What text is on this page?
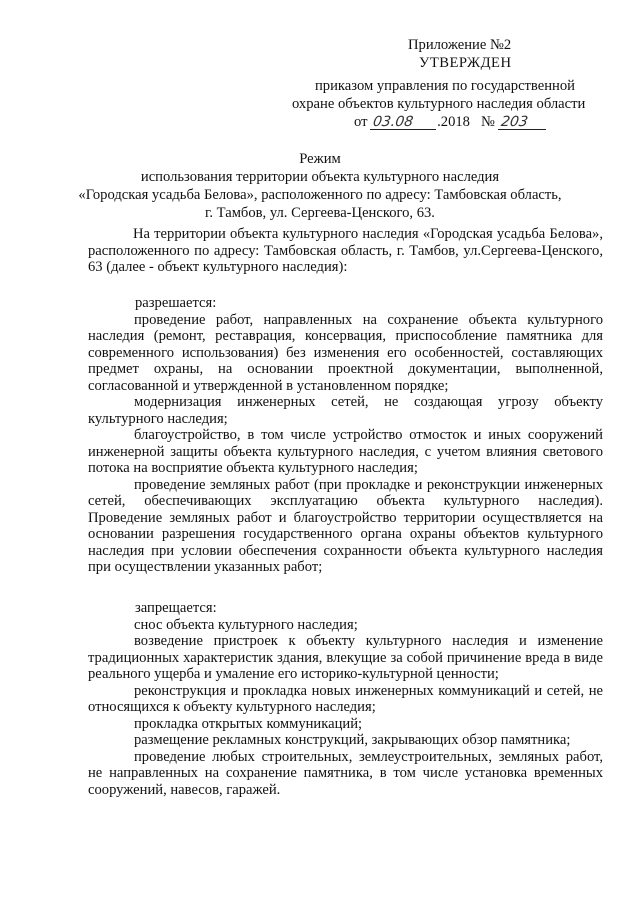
Приложение №2
УТВЕРЖДЕН
приказом управления по государственной
охране объектов культурного наследия области
от 03.08 .2018 № 203
Режим
использования территории объекта культурного наследия
«Городская усадьба Белова», расположенного по адресу: Тамбовская область,
г. Тамбов, ул. Сергеева-Ценского, 63.

На территории объекта культурного наследия «Городская усадьба Белова», расположенного по адресу: Тамбовская область, г. Тамбов, ул.Сергеева-Ценского, 63 (далее - объект культурного наследия):

разрешается:

проведение работ, направленных на сохранение объекта культурного наследия (ремонт, реставрация, консервация, приспособление памятника для современного использования) без изменения его особенностей, составляющих предмет охраны, на основании проектной документации, выполненной, согласованной и утвержденной в установленном порядке;

модернизация инженерных сетей, не создающая угрозу объекту культурного наследия;

благоустройство, в том числе устройство отмосток и иных сооружений инженерной защиты объекта культурного наследия, с учетом влияния светового потока на восприятие объекта культурного наследия;

проведение земляных работ (при прокладке и реконструкции инженерных сетей, обеспечивающих эксплуатацию объекта культурного наследия). Проведение земляных работ и благоустройство территории осуществляется на основании разрешения государственного органа охраны объектов культурного наследия при условии обеспечения сохранности объекта культурного наследия при осуществлении указанных работ;

запрещается:

снос объекта культурного наследия;

возведение пристроек к объекту культурного наследия и изменение традиционных характеристик здания, влекущие за собой причинение вреда в виде реального ущерба и умаление его историко-культурной ценности;

реконструкция и прокладка новых инженерных коммуникаций и сетей, не относящихся к объекту культурного наследия;

прокладка открытых коммуникаций;

размещение рекламных конструкций, закрывающих обзор памятника;

проведение любых строительных, землеустроительных, земляных работ, не направленных на сохранение памятника, в том числе установка временных сооружений, навесов, гаражей.
